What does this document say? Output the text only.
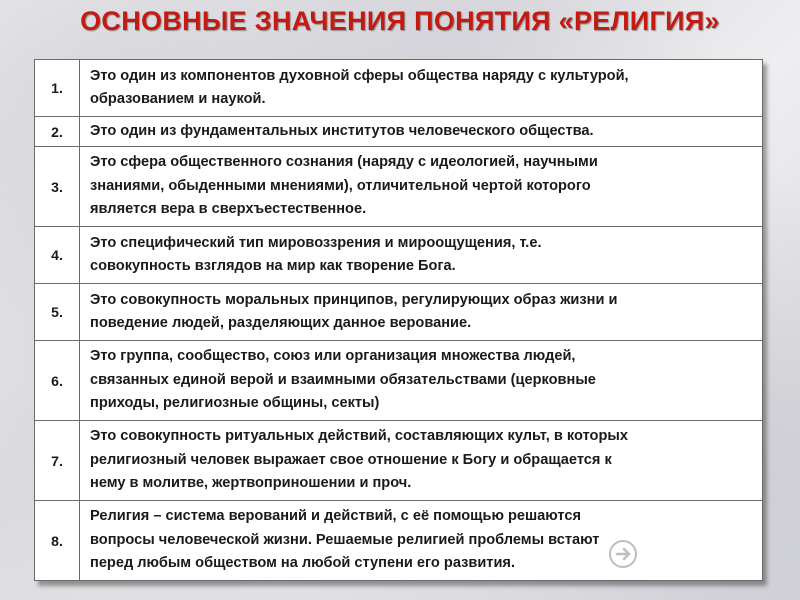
ОСНОВНЫЕ ЗНАЧЕНИЯ ПОНЯТИЯ «РЕЛИГИЯ»
1.	Это один из компонентов духовной сферы общества наряду с культурой,
образованием и наукой.

2.	Это один из фундаментальных институтов человеческого общества.

3.	Это сфера общественного сознания (наряду с идеологией, научными
знаниями, обыденными мнениями), отличительной чертой которого
является вера в сверхъестественное.

4.	Это специфический тип мировоззрения и мироощущения, т.е.
совокупность взглядов на мир как творение Бога.

5.	Это совокупность моральных принципов, регулирующих образ жизни и
поведение людей, разделяющих данное верование.

6.	Это группа, сообщество, союз или организация множества людей,
связанных единой верой и взаимными обязательствами (церковные
приходы, религиозные общины, секты)

7.	Это совокупность ритуальных действий, составляющих культ, в которых
религиозный человек выражает свое отношение к Богу и обращается к
нему в молитве, жертвоприношении и проч.

8.	Религия – система верований и действий, с её помощью решаются
вопросы человеческой жизни. Решаемые религией проблемы встают
перед любым обществом на любой ступени его развития.
